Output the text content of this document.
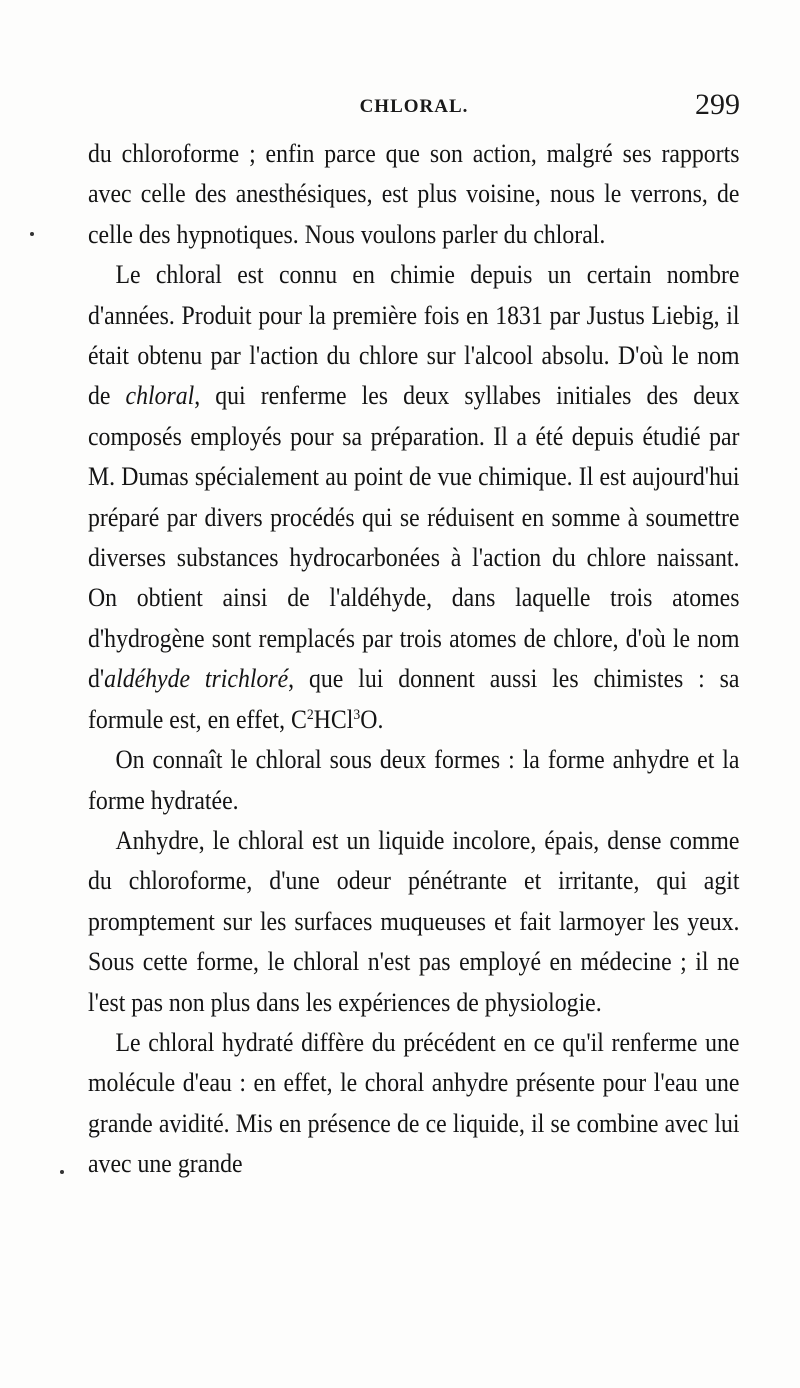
CHLORAL.	299

du chloroforme ; enfin parce que son action, malgré ses rapports avec celle des anesthésiques, est plus voisine, nous le verrons, de celle des hypnotiques. Nous voulons parler du chloral.

Le chloral est connu en chimie depuis un certain nombre d'années. Produit pour la première fois en 1831 par Justus Liebig, il était obtenu par l'action du chlore sur l'alcool absolu. D'où le nom de chloral, qui renferme les deux syllabes initiales des deux composés employés pour sa préparation. Il a été depuis étudié par M. Dumas spécialement au point de vue chimique. Il est aujourd'hui préparé par divers procédés qui se réduisent en somme à soumettre diverses substances hydrocarbonées à l'action du chlore naissant. On obtient ainsi de l'aldéhyde, dans laquelle trois atomes d'hydrogène sont remplacés par trois atomes de chlore, d'où le nom d'aldéhyde trichloré, que lui donnent aussi les chimistes : sa formule est, en effet, $C^2HCl^3O$.

On connaît le chloral sous deux formes : la forme anhydre et la forme hydratée.

Anhydre, le chloral est un liquide incolore, épais, dense comme du chloroforme, d'une odeur pénétrante et irritante, qui agit promptement sur les surfaces muqueuses et fait larmoyer les yeux. Sous cette forme, le chloral n'est pas employé en médecine ; il ne l'est pas non plus dans les expériences de physiologie.

Le chloral hydraté diffère du précédent en ce qu'il renferme une molécule d'eau : en effet, le choral anhydre présente pour l'eau une grande avidité. Mis en présence de ce liquide, il se combine avec lui avec une grande
